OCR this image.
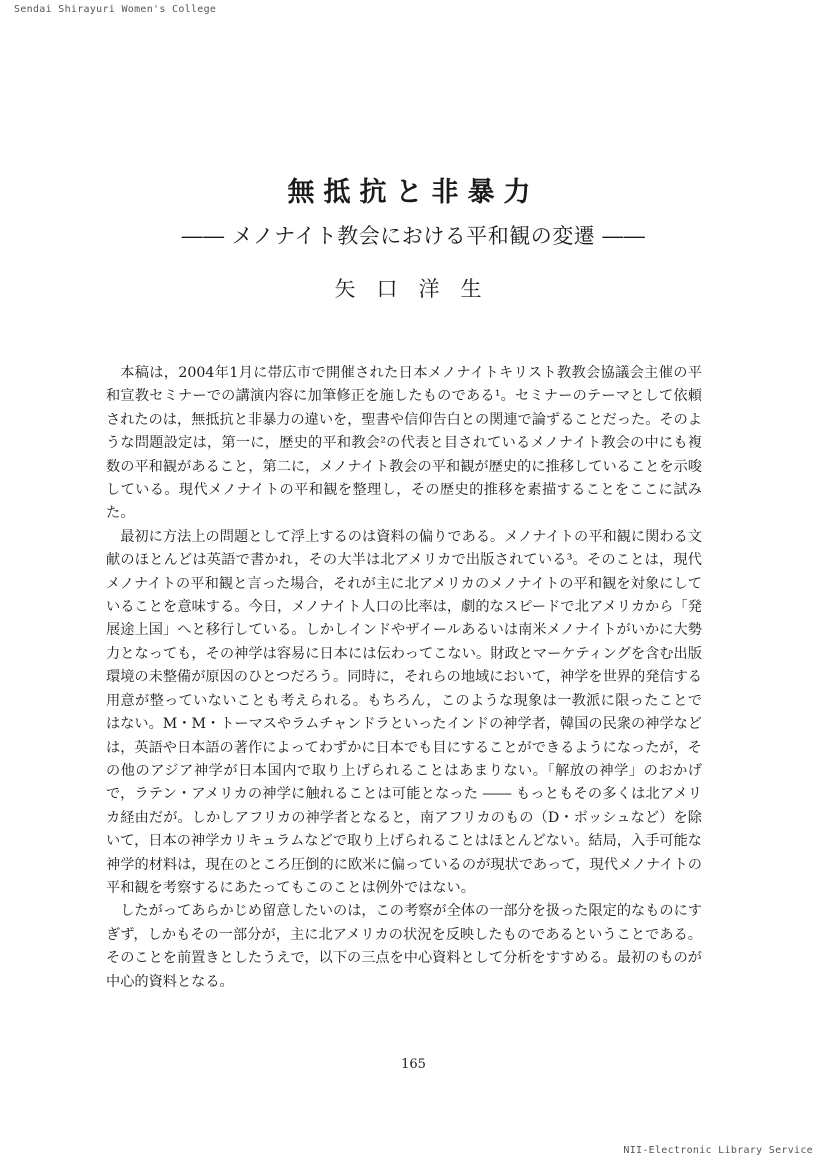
Sendai Shirayuri Women's College
無抵抗と非暴力
―― メノナイト教会における平和観の変遷 ――
矢口洋生

本稿は，2004年1月に帯広市で開催された日本メノナイトキリスト教教会協議会主催の平和宣教セミナーでの講演内容に加筆修正を施したものである¹。セミナーのテーマとして依頼されたのは，無抵抗と非暴力の違いを，聖書や信仰告白との関連で論ずることだった。そのような問題設定は，第一に，歴史的平和教会²の代表と目されているメノナイト教会の中にも複数の平和観があること，第二に，メノナイト教会の平和観が歴史的に推移していることを示唆している。現代メノナイトの平和観を整理し，その歴史的推移を素描することをここに試みた。

最初に方法上の問題として浮上するのは資料の偏りである。メノナイトの平和観に関わる文献のほとんどは英語で書かれ，その大半は北アメリカで出版されている³。そのことは，現代メノナイトの平和観と言った場合，それが主に北アメリカのメノナイトの平和観を対象にしていることを意味する。今日，メノナイト人口の比率は，劇的なスピードで北アメリカから「発展途上国」へと移行している。しかしインドやザイールあるいは南米メノナイトがいかに大勢力となっても，その神学は容易に日本には伝わってこない。財政とマーケティングを含む出版環境の未整備が原因のひとつだろう。同時に，それらの地域において，神学を世界的発信する用意が整っていないことも考えられる。もちろん，このような現象は一教派に限ったことではない。M・M・トーマスやラムチャンドラといったインドの神学者，韓国の民衆の神学などは，英語や日本語の著作によってわずかに日本でも目にすることができるようになったが，その他のアジア神学が日本国内で取り上げられることはあまりない。「解放の神学」のおかげで，ラテン・アメリカの神学に触れることは可能となった ―― もっともその多くは北アメリカ経由だが。しかしアフリカの神学者となると，南アフリカのもの（D・ボッシュなど）を除いて，日本の神学カリキュラムなどで取り上げられることはほとんどない。結局，入手可能な神学的材料は，現在のところ圧倒的に欧米に偏っているのが現状であって，現代メノナイトの平和観を考察するにあたってもこのことは例外ではない。

したがってあらかじめ留意したいのは，この考察が全体の一部分を扱った限定的なものにすぎず，しかもその一部分が，主に北アメリカの状況を反映したものであるということである。そのことを前置きとしたうえで，以下の三点を中心資料として分析をすすめる。最初のものが中心的資料となる。

165
NII-Electronic Library Service
